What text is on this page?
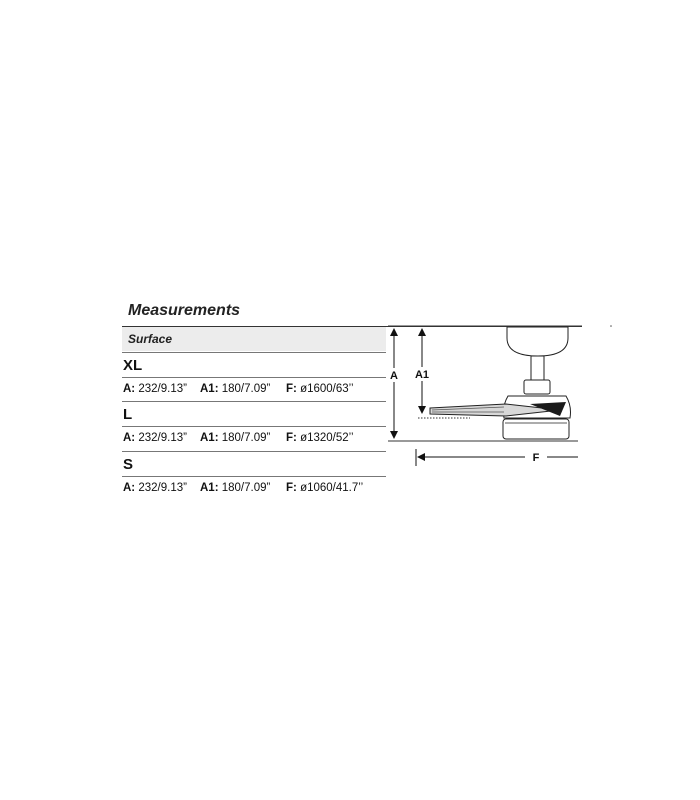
Measurements
Surface
XL
A: 232/9.13” A1: 180/7.09” F: ø1600/63’’
L
A: 232/9.13” A1: 180/7.09” F: ø1320/52’’
S
A: 232/9.13” A1: 180/7.09” F: ø1060/41.7’’
A A1
F
